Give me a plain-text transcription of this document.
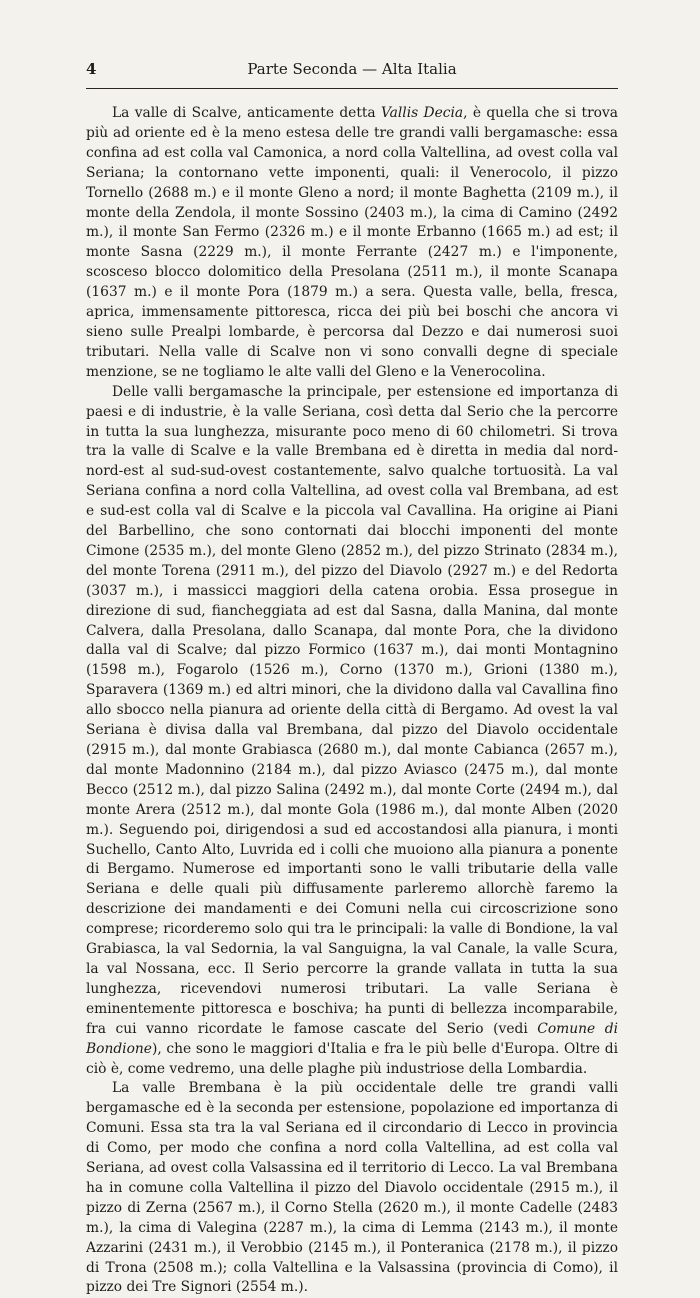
4	Parte Seconda — Alta Italia

La valle di Scalve, anticamente detta Vallis Decia, è quella che si trova più ad oriente ed è la meno estesa delle tre grandi valli bergamasche: essa confina ad est colla val Camonica, a nord colla Valtellina, ad ovest colla val Seriana; la contornano vette imponenti, quali: il Venerocolo, il pizzo Tornello (2688 m.) e il monte Gleno a nord; il monte Baghetta (2109 m.), il monte della Zendola, il monte Sossino (2403 m.), la cima di Camino (2492 m.), il monte San Fermo (2326 m.) e il monte Erbanno (1665 m.) ad est; il monte Sasna (2229 m.), il monte Ferrante (2427 m.) e l'imponente, scosceso blocco dolomitico della Presolana (2511 m.), il monte Scanapa (1637 m.) e il monte Pora (1879 m.) a sera. Questa valle, bella, fresca, aprica, immensamente pittoresca, ricca dei più bei boschi che ancora vi sieno sulle Prealpi lombarde, è percorsa dal Dezzo e dai numerosi suoi tributari. Nella valle di Scalve non vi sono convalli degne di speciale menzione, se ne togliamo le alte valli del Gleno e la Venerocolina.

Delle valli bergamasche la principale, per estensione ed importanza di paesi e di industrie, è la valle Seriana, così detta dal Serio che la percorre in tutta la sua lunghezza, misurante poco meno di 60 chilometri. Si trova tra la valle di Scalve e la valle Brembana ed è diretta in media dal nord-nord-est al sud-sud-ovest costantemente, salvo qualche tortuosità. La val Seriana confina a nord colla Valtellina, ad ovest colla val Brembana, ad est e sud-est colla val di Scalve e la piccola val Cavallina. Ha origine ai Piani del Barbellino, che sono contornati dai blocchi imponenti del monte Cimone (2535 m.), del monte Gleno (2852 m.), del pizzo Strinato (2834 m.), del monte Torena (2911 m.), del pizzo del Diavolo (2927 m.) e del Redorta (3037 m.), i massicci maggiori della catena orobia. Essa prosegue in direzione di sud, fiancheggiata ad est dal Sasna, dalla Manina, dal monte Calvera, dalla Presolana, dallo Scanapa, dal monte Pora, che la dividono dalla val di Scalve; dal pizzo Formico (1637 m.), dai monti Montagnino (1598 m.), Fogarolo (1526 m.), Corno (1370 m.), Grioni (1380 m.), Sparavera (1369 m.) ed altri minori, che la dividono dalla val Cavallina fino allo sbocco nella pianura ad oriente della città di Bergamo. Ad ovest la val Seriana è divisa dalla val Brembana, dal pizzo del Diavolo occidentale (2915 m.), dal monte Grabiasca (2680 m.), dal monte Cabianca (2657 m.), dal monte Madonnino (2184 m.), dal pizzo Aviasco (2475 m.), dal monte Becco (2512 m.), dal pizzo Salina (2492 m.), dal monte Corte (2494 m.), dal monte Arera (2512 m.), dal monte Gola (1986 m.), dal monte Alben (2020 m.). Seguendo poi, dirigendosi a sud ed accostandosi alla pianura, i monti Suchello, Canto Alto, Luvrida ed i colli che muoiono alla pianura a ponente di Bergamo. Numerose ed importanti sono le valli tributarie della valle Seriana e delle quali più diffusamente parleremo allorchè faremo la descrizione dei mandamenti e dei Comuni nella cui circoscrizione sono comprese; ricorderemo solo qui tra le principali: la valle di Bondione, la val Grabiasca, la val Sedornia, la val Sanguigna, la val Canale, la valle Scura, la val Nossana, ecc. Il Serio percorre la grande vallata in tutta la sua lunghezza, ricevendovi numerosi tributari. La valle Seriana è eminentemente pittoresca e boschiva; ha punti di bellezza incomparabile, fra cui vanno ricordate le famose cascate del Serio (vedi Comune di Bondione), che sono le maggiori d'Italia e fra le più belle d'Europa. Oltre di ciò è, come vedremo, una delle plaghe più industriose della Lombardia.

La valle Brembana è la più occidentale delle tre grandi valli bergamasche ed è la seconda per estensione, popolazione ed importanza di Comuni. Essa sta tra la val Seriana ed il circondario di Lecco in provincia di Como, per modo che confina a nord colla Valtellina, ad est colla val Seriana, ad ovest colla Valsassina ed il territorio di Lecco. La val Brembana ha in comune colla Valtellina il pizzo del Diavolo occidentale (2915 m.), il pizzo di Zerna (2567 m.), il Corno Stella (2620 m.), il monte Cadelle (2483 m.), la cima di Valegina (2287 m.), la cima di Lemma (2143 m.), il monte Azzarini (2431 m.), il Verobbio (2145 m.), il Ponteranica (2178 m.), il pizzo di Trona (2508 m.); colla Valtellina e la Valsassina (provincia di Como), il pizzo dei Tre Signori (2554 m.).
